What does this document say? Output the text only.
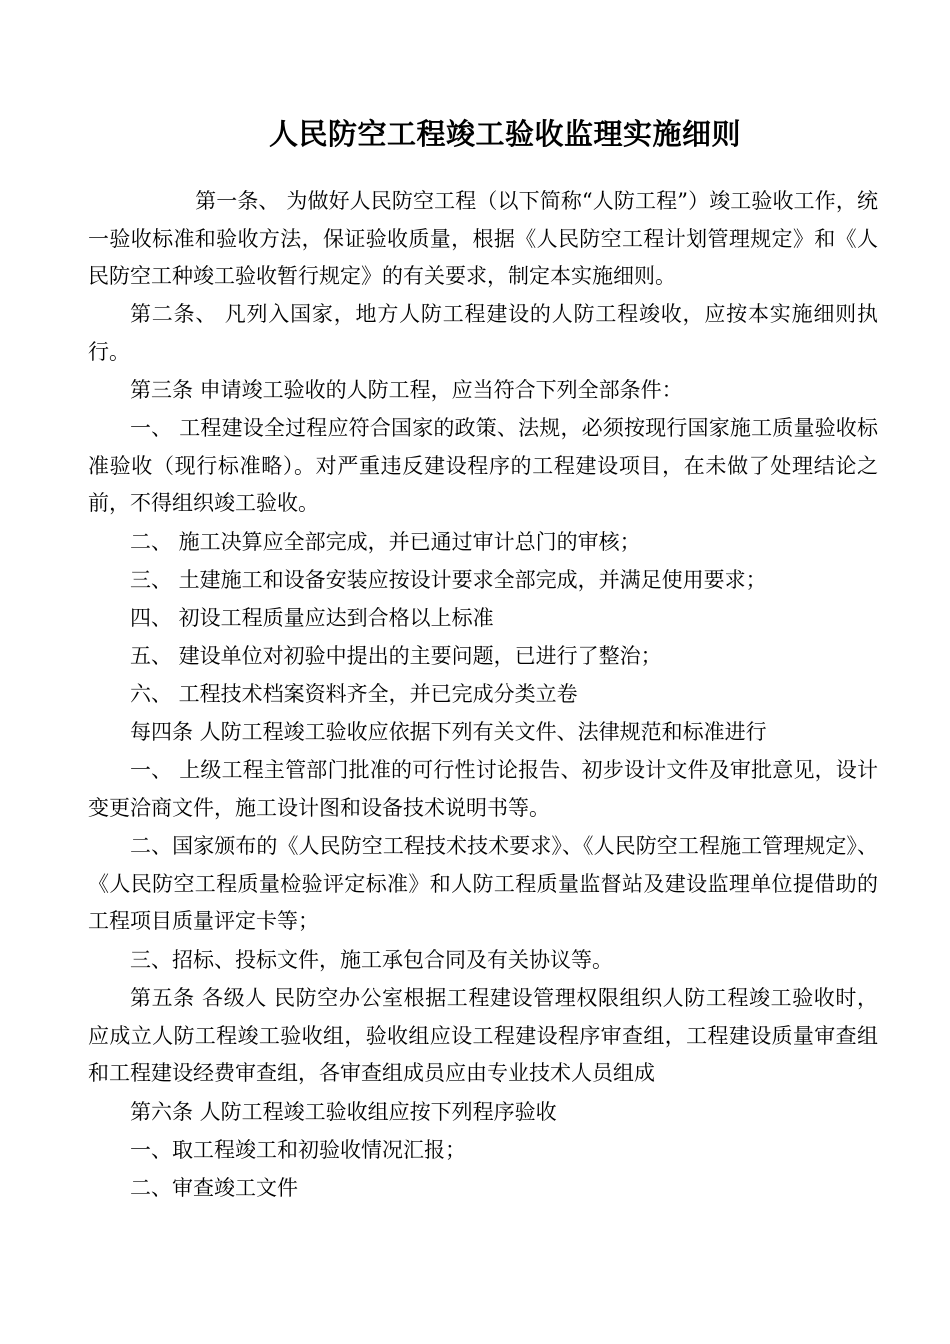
人民防空工程竣工验收监理实施细则

第一条、 为做好人民防空工程（以下简称“人防工程”）竣工验收工作，统一验收标准和验收方法，保证验收质量，根据《人民防空工程计划管理规定》和《人民防空工种竣工验收暂行规定》的有关要求，制定本实施细则。

第二条、 凡列入国家，地方人防工程建设的人防工程竣收，应按本实施细则执行。

第三条 申请竣工验收的人防工程，应当符合下列全部条件：

一、 工程建设全过程应符合国家的政策、法规，必须按现行国家施工质量验收标准验收（现行标准略）。对严重违反建设程序的工程建设项目，在未做了处理结论之前，不得组织竣工验收。

二、 施工决算应全部完成，并已通过审计总门的审核；

三、 土建施工和设备安装应按设计要求全部完成，并满足使用要求；

四、 初设工程质量应达到合格以上标准

五、 建设单位对初验中提出的主要问题，已进行了整治；

六、 工程技术档案资料齐全，并已完成分类立卷

每四条 人防工程竣工验收应依据下列有关文件、法律规范和标准进行

一、 上级工程主管部门批准的可行性讨论报告、初步设计文件及审批意见，设计变更洽商文件，施工设计图和设备技术说明书等。

二、国家颁布的《人民防空工程技术技术要求》、《人民防空工程施工管理规定》、《人民防空工程质量检验评定标准》和人防工程质量监督站及建设监理单位提借助的工程项目质量评定卡等；

三、招标、投标文件，施工承包合同及有关协议等。

第五条 各级人 民防空办公室根据工程建设管理权限组织人防工程竣工验收时，应成立人防工程竣工验收组，验收组应设工程建设程序审查组，工程建设质量审查组和工程建设经费审查组，各审查组成员应由专业技术人员组成

第六条 人防工程竣工验收组应按下列程序验收

一、取工程竣工和初验收情况汇报；

二、审查竣工文件
